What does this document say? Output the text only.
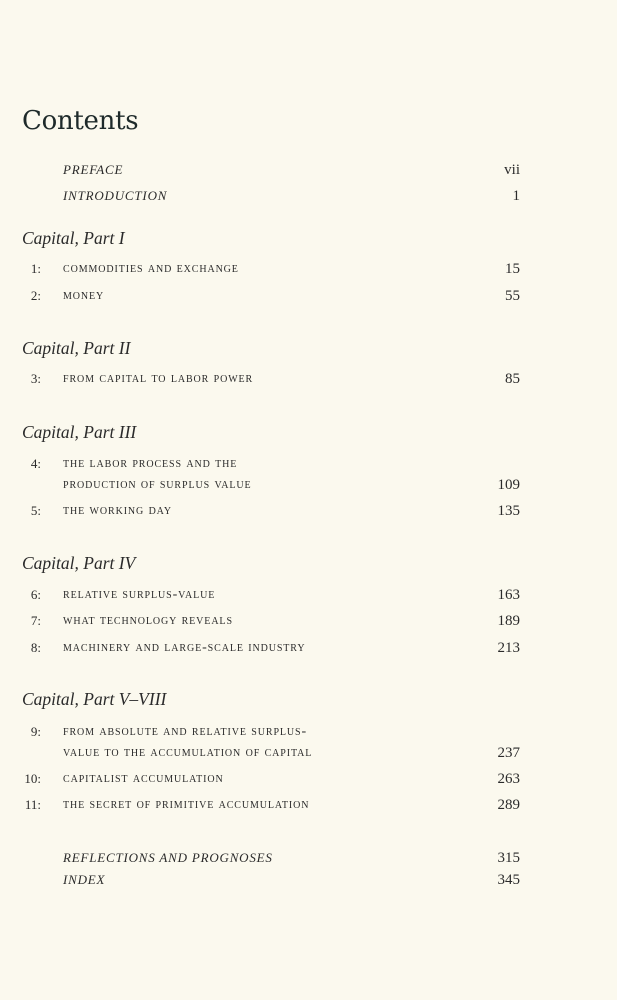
Contents
PREFACE	vii
INTRODUCTION	1
Capital, Part I
1: commodities and exchange	15
2: money	55
Capital, Part II
3: from capital to labor power	85
Capital, Part III
4: the labor process and the
production of surplus value	109
5: the working day	135
Capital, Part IV
6: relative surplus-value	163
7: what technology reveals	189
8: machinery and large-scale industry	213
Capital, Part V–VIII
9: from absolute and relative surplus-
value to the accumulation of capital	237
10: capitalist accumulation	263
11: the secret of primitive accumulation	289
REFLECTIONS AND PROGNOSES	315
INDEX	345
